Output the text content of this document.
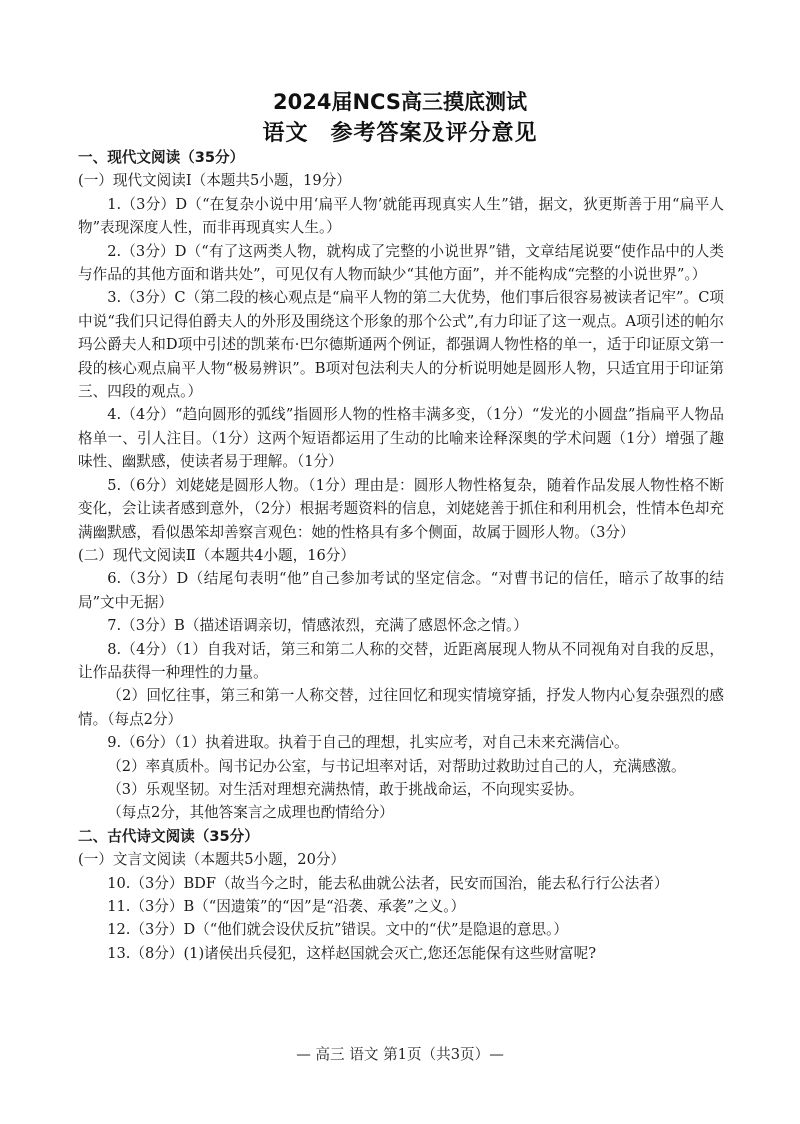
2024届NCS高三摸底测试
语文 参考答案及评分意见

一、现代文阅读（35分）

(一）现代文阅读Ⅰ（本题共5小题，19分）

1.（3分）D（“在复杂小说中用‘扁平人物’就能再现真实人生”错，据文，狄更斯善于用“扁平人物”表现深度人性，而非再现真实人生。）

2.（3分）D（“有了这两类人物，就构成了完整的小说世界”错，文章结尾说要“使作品中的人类与作品的其他方面和谐共处”，可见仅有人物而缺少“其他方面”，并不能构成“完整的小说世界”。）

3.（3分）C（第二段的核心观点是“扁平人物的第二大优势，他们事后很容易被读者记牢”。C项中说“我们只记得伯爵夫人的外形及围绕这个形象的那个公式”,有力印证了这一观点。A项引述的帕尔玛公爵夫人和D项中引述的凯莱布·巴尔德斯通两个例证，都强调人物性格的单一，适于印证原文第一段的核心观点扁平人物“极易辨识”。B项对包法利夫人的分析说明她是圆形人物，只适宜用于印证第三、四段的观点。）

4.（4分）“趋向圆形的弧线”指圆形人物的性格丰满多变，（1分）“发光的小圆盘”指扁平人物品格单一、引人注目。（1分）这两个短语都运用了生动的比喻来诠释深奥的学术问题（1分）增强了趣味性、幽默感，使读者易于理解。（1分）

5.（6分）刘姥姥是圆形人物。（1分）理由是：圆形人物性格复杂，随着作品发展人物性格不断变化，会让读者感到意外，（2分）根据考题资料的信息，刘姥姥善于抓住和利用机会，性情本色却充满幽默感，看似愚笨却善察言观色：她的性格具有多个侧面，故属于圆形人物。（3分）

(二）现代文阅读Ⅱ（本题共4小题，16分）

6.（3分）D（结尾句表明“他”自己参加考试的坚定信念。“对曹书记的信任，暗示了故事的结局”文中无据）

7.（3分）B（描述语调亲切，情感浓烈，充满了感恩怀念之情。）

8.（4分）（1）自我对话，第三和第二人称的交替，近距离展现人物从不同视角对自我的反思，让作品获得一种理性的力量。

（2）回忆往事，第三和第一人称交替，过往回忆和现实情境穿插，抒发人物内心复杂强烈的感情。（每点2分）

9.（6分）（1）执着进取。执着于自己的理想，扎实应考，对自己未来充满信心。

（2）率真质朴。闯书记办公室，与书记坦率对话，对帮助过救助过自己的人，充满感激。

（3）乐观坚韧。对生活对理想充满热情，敢于挑战命运，不向现实妥协。

（每点2分，其他答案言之成理也酌情给分）

二、古代诗文阅读（35分）

(一）文言文阅读（本题共5小题，20分）

10.（3分）BDF（故当今之时，能去私曲就公法者，民安而国治，能去私行行公法者）

11.（3分）B（“因遗策”的“因”是“沿袭、承袭”之义。）

12.（3分）D（“他们就会设伏反抗”错误。文中的“伏”是隐退的意思。）

13.（8分）(1)诸侯出兵侵犯，这样赵国就会灭亡,您还怎能保有这些财富呢?

— 高三 语文 第1页（共3页）—
